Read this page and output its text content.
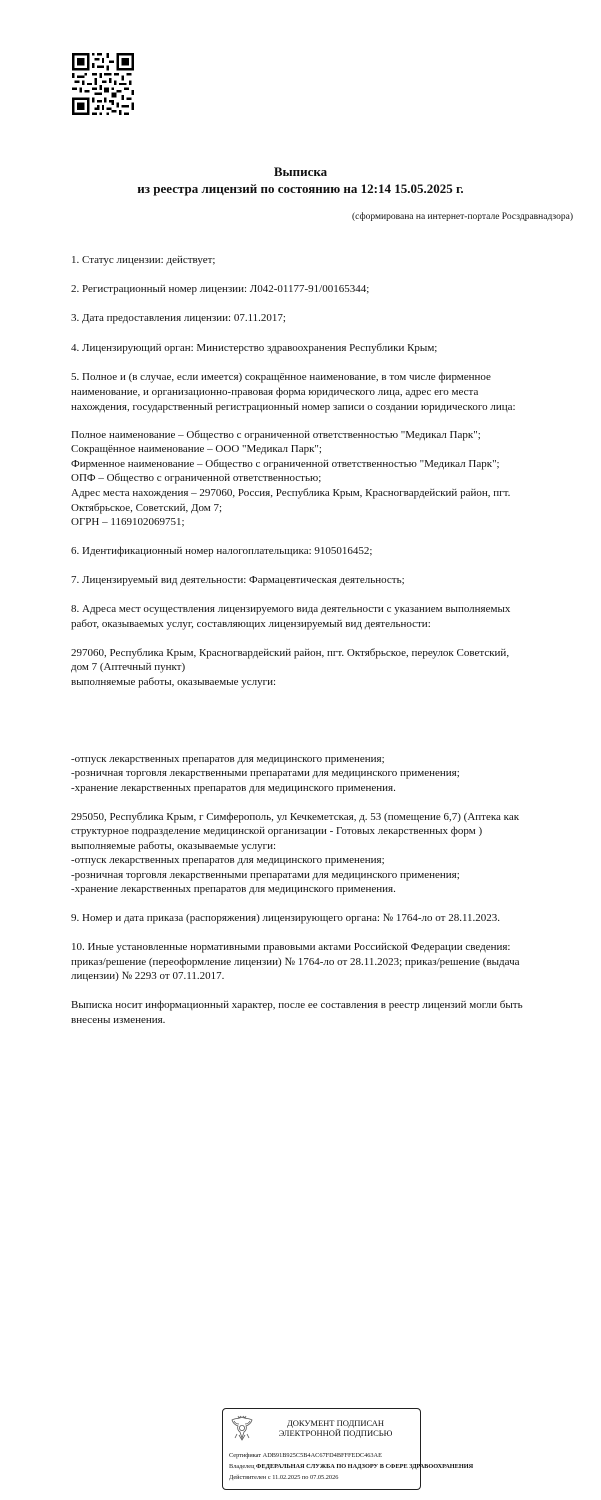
Выписка
из реестра лицензий по состоянию на 12:14 15.05.2025 г.
(сформирована на интернет-портале Росздравнадзора)
1. Статус лицензии: действует;
2. Регистрационный номер лицензии: Л042-01177-91/00165344;
3. Дата предоставления лицензии: 07.11.2017;
4. Лицензирующий орган: Министерство здравоохранения Республики Крым;
5. Полное и (в случае, если имеется) сокращённое наименование, в том числе фирменное
наименование, и организационно-правовая форма юридического лица, адрес его места
нахождения, государственный регистрационный номер записи о создании юридического лица:
Полное наименование – Общество с ограниченной ответственностью "Медикал Парк";
Сокращённое наименование – ООО "Медикал Парк";
Фирменное наименование – Общество с ограниченной ответственностью "Медикал Парк";
ОПФ – Общество с ограниченной ответственностью;
Адрес места нахождения – 297060, Россия, Республика Крым, Красногвардейский район, пгт.
Октябрьское, Советский, Дом 7;
ОГРН – 1169102069751;
6. Идентификационный номер налогоплательщика: 9105016452;
7. Лицензируемый вид деятельности: Фармацевтическая деятельность;
8. Адреса мест осуществления лицензируемого вида деятельности с указанием выполняемых
работ, оказываемых услуг, составляющих лицензируемый вид деятельности:
297060, Республика Крым, Красногвардейский район, пгт. Октябрьское, переулок Советский,
дом 7 (Аптечный пункт)
выполняемые работы, оказываемые услуги:
-отпуск лекарственных препаратов для медицинского применения;
-розничная торговля лекарственными препаратами для медицинского применения;
-хранение лекарственных препаратов для медицинского применения.
295050, Республика Крым, г Симферополь, ул Кечкеметская, д. 53 (помещение 6,7) (Аптека как
структурное подразделение медицинской организации - Готовых лекарственных форм )
выполняемые работы, оказываемые услуги:
-отпуск лекарственных препаратов для медицинского применения;
-розничная торговля лекарственными препаратами для медицинского применения;
-хранение лекарственных препаратов для медицинского применения.
9. Номер и дата приказа (распоряжения) лицензирующего органа: № 1764-ло от 28.11.2023.
10. Иные установленные нормативными правовыми актами Российской Федерации сведения:
приказ/решение (переоформление лицензии) № 1764-ло от 28.11.2023; приказ/решение (выдача
лицензии) № 2293 от 07.11.2017.
Выписка носит информационный характер, после ее составления в реестр лицензий могли быть
внесены изменения.
ДОКУМЕНТ ПОДПИСАН
ЭЛЕКТРОННОЙ ПОДПИСЬЮ
Сертификат ADB91B925C5B4AC67FD4BFFFEDC463AE
Владелец ФЕДЕРАЛЬНАЯ СЛУЖБА ПО НАДЗОРУ В СФЕРЕ ЗДРАВООХРАНЕНИЯ
Действителен с 11.02.2025 по 07.05.2026
